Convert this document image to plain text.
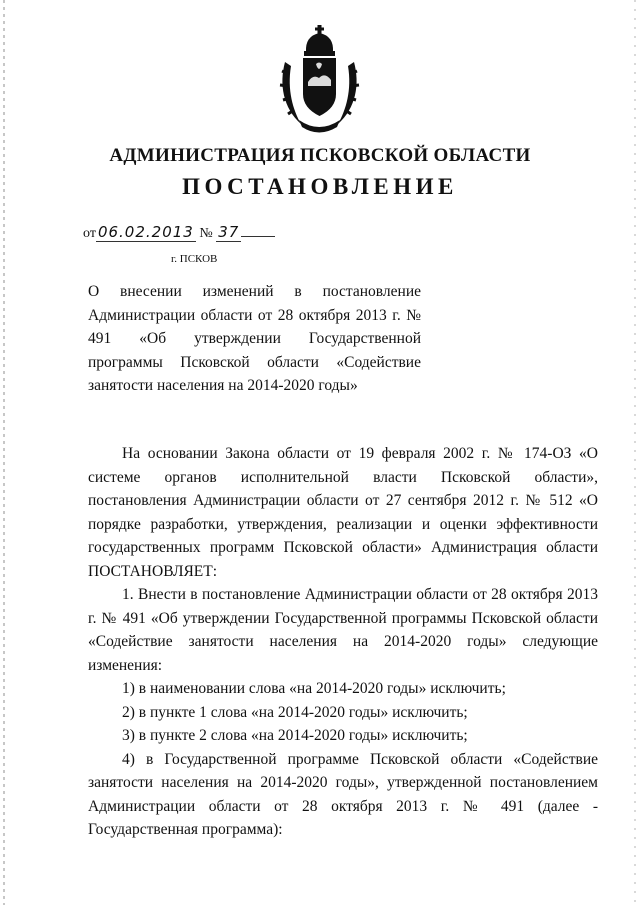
АДМИНИСТРАЦИЯ ПСКОВСКОЙ ОБЛАСТИ
ПОСТАНОВЛЕНИЕ
от 06.02.2013 № 37
г. ПСКОВ
О внесении изменений в постановление Администрации области от 28 октября 2013 г. № 491 «Об утверждении Государственной программы Псковской области «Содействие занятости населения на 2014-2020 годы»

На основании Закона области от 19 февраля 2002 г. № 174-ОЗ «О системе органов исполнительной власти Псковской области», постановления Администрации области от 27 сентября 2012 г. № 512 «О порядке разработки, утверждения, реализации и оценки эффективности государственных программ Псковской области» Администрация области ПОСТАНОВЛЯЕТ:

1. Внести в постановление Администрации области от 28 октября 2013 г. № 491 «Об утверждении Государственной программы Псковской области «Содействие занятости населения на 2014-2020 годы» следующие изменения:

1) в наименовании слова «на 2014-2020 годы» исключить;

2) в пункте 1 слова «на 2014-2020 годы» исключить;

3) в пункте 2 слова «на 2014-2020 годы» исключить;

4) в Государственной программе Псковской области «Содействие занятости населения на 2014-2020 годы», утвержденной постановлением Администрации области от 28 октября 2013 г. № 491 (далее - Государственная программа):
